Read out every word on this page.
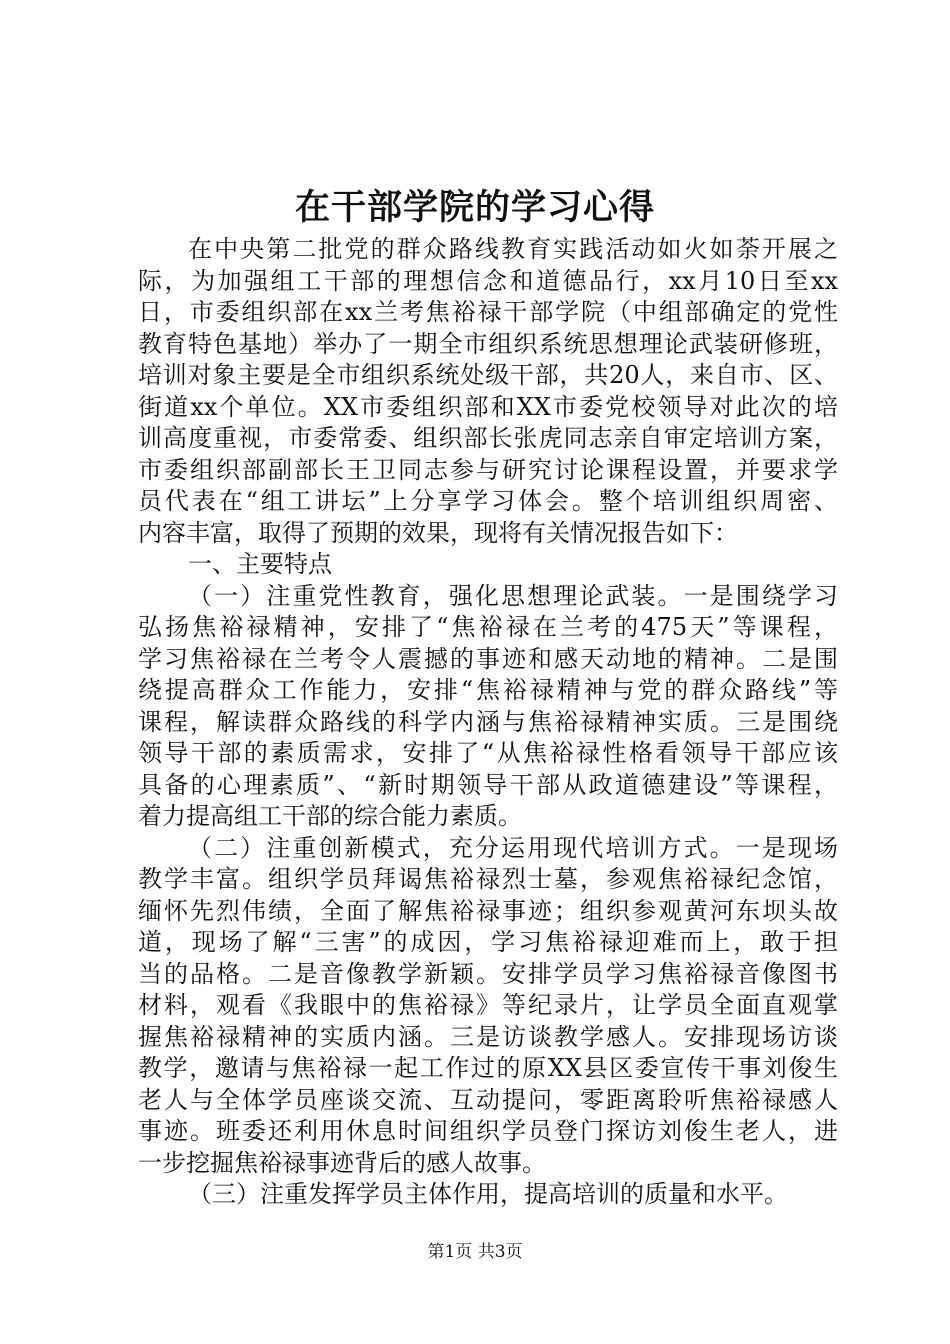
在干部学院的学习心得
在中央第二批党的群众路线教育实践活动如火如荼开展之
际，为加强组工干部的理想信念和道德品行，xx月10日至xx
日，市委组织部在xx兰考焦裕禄干部学院（中组部确定的党性
教育特色基地）举办了一期全市组织系统思想理论武装研修班，
培训对象主要是全市组织系统处级干部，共20人，来自市、区、
街道xx个单位。XX市委组织部和XX市委党校领导对此次的培
训高度重视，市委常委、组织部长张虎同志亲自审定培训方案，
市委组织部副部长王卫同志参与研究讨论课程设置，并要求学
员代表在“组工讲坛”上分享学习体会。整个培训组织周密、
内容丰富，取得了预期的效果，现将有关情况报告如下：
一、主要特点
（一）注重党性教育，强化思想理论武装。一是围绕学习
弘扬焦裕禄精神，安排了“焦裕禄在兰考的475天”等课程，
学习焦裕禄在兰考令人震撼的事迹和感天动地的精神。二是围
绕提高群众工作能力，安排“焦裕禄精神与党的群众路线”等
课程，解读群众路线的科学内涵与焦裕禄精神实质。三是围绕
领导干部的素质需求，安排了“从焦裕禄性格看领导干部应该
具备的心理素质”、“新时期领导干部从政道德建设”等课程，
着力提高组工干部的综合能力素质。
（二）注重创新模式，充分运用现代培训方式。一是现场
教学丰富。组织学员拜谒焦裕禄烈士墓，参观焦裕禄纪念馆，
缅怀先烈伟绩，全面了解焦裕禄事迹；组织参观黄河东坝头故
道，现场了解“三害”的成因，学习焦裕禄迎难而上，敢于担
当的品格。二是音像教学新颖。安排学员学习焦裕禄音像图书
材料，观看《我眼中的焦裕禄》等纪录片，让学员全面直观掌
握焦裕禄精神的实质内涵。三是访谈教学感人。安排现场访谈
教学，邀请与焦裕禄一起工作过的原XX县区委宣传干事刘俊生
老人与全体学员座谈交流、互动提问，零距离聆听焦裕禄感人
事迹。班委还利用休息时间组织学员登门探访刘俊生老人，进
一步挖掘焦裕禄事迹背后的感人故事。
（三）注重发挥学员主体作用，提高培训的质量和水平。
第1页 共3页
